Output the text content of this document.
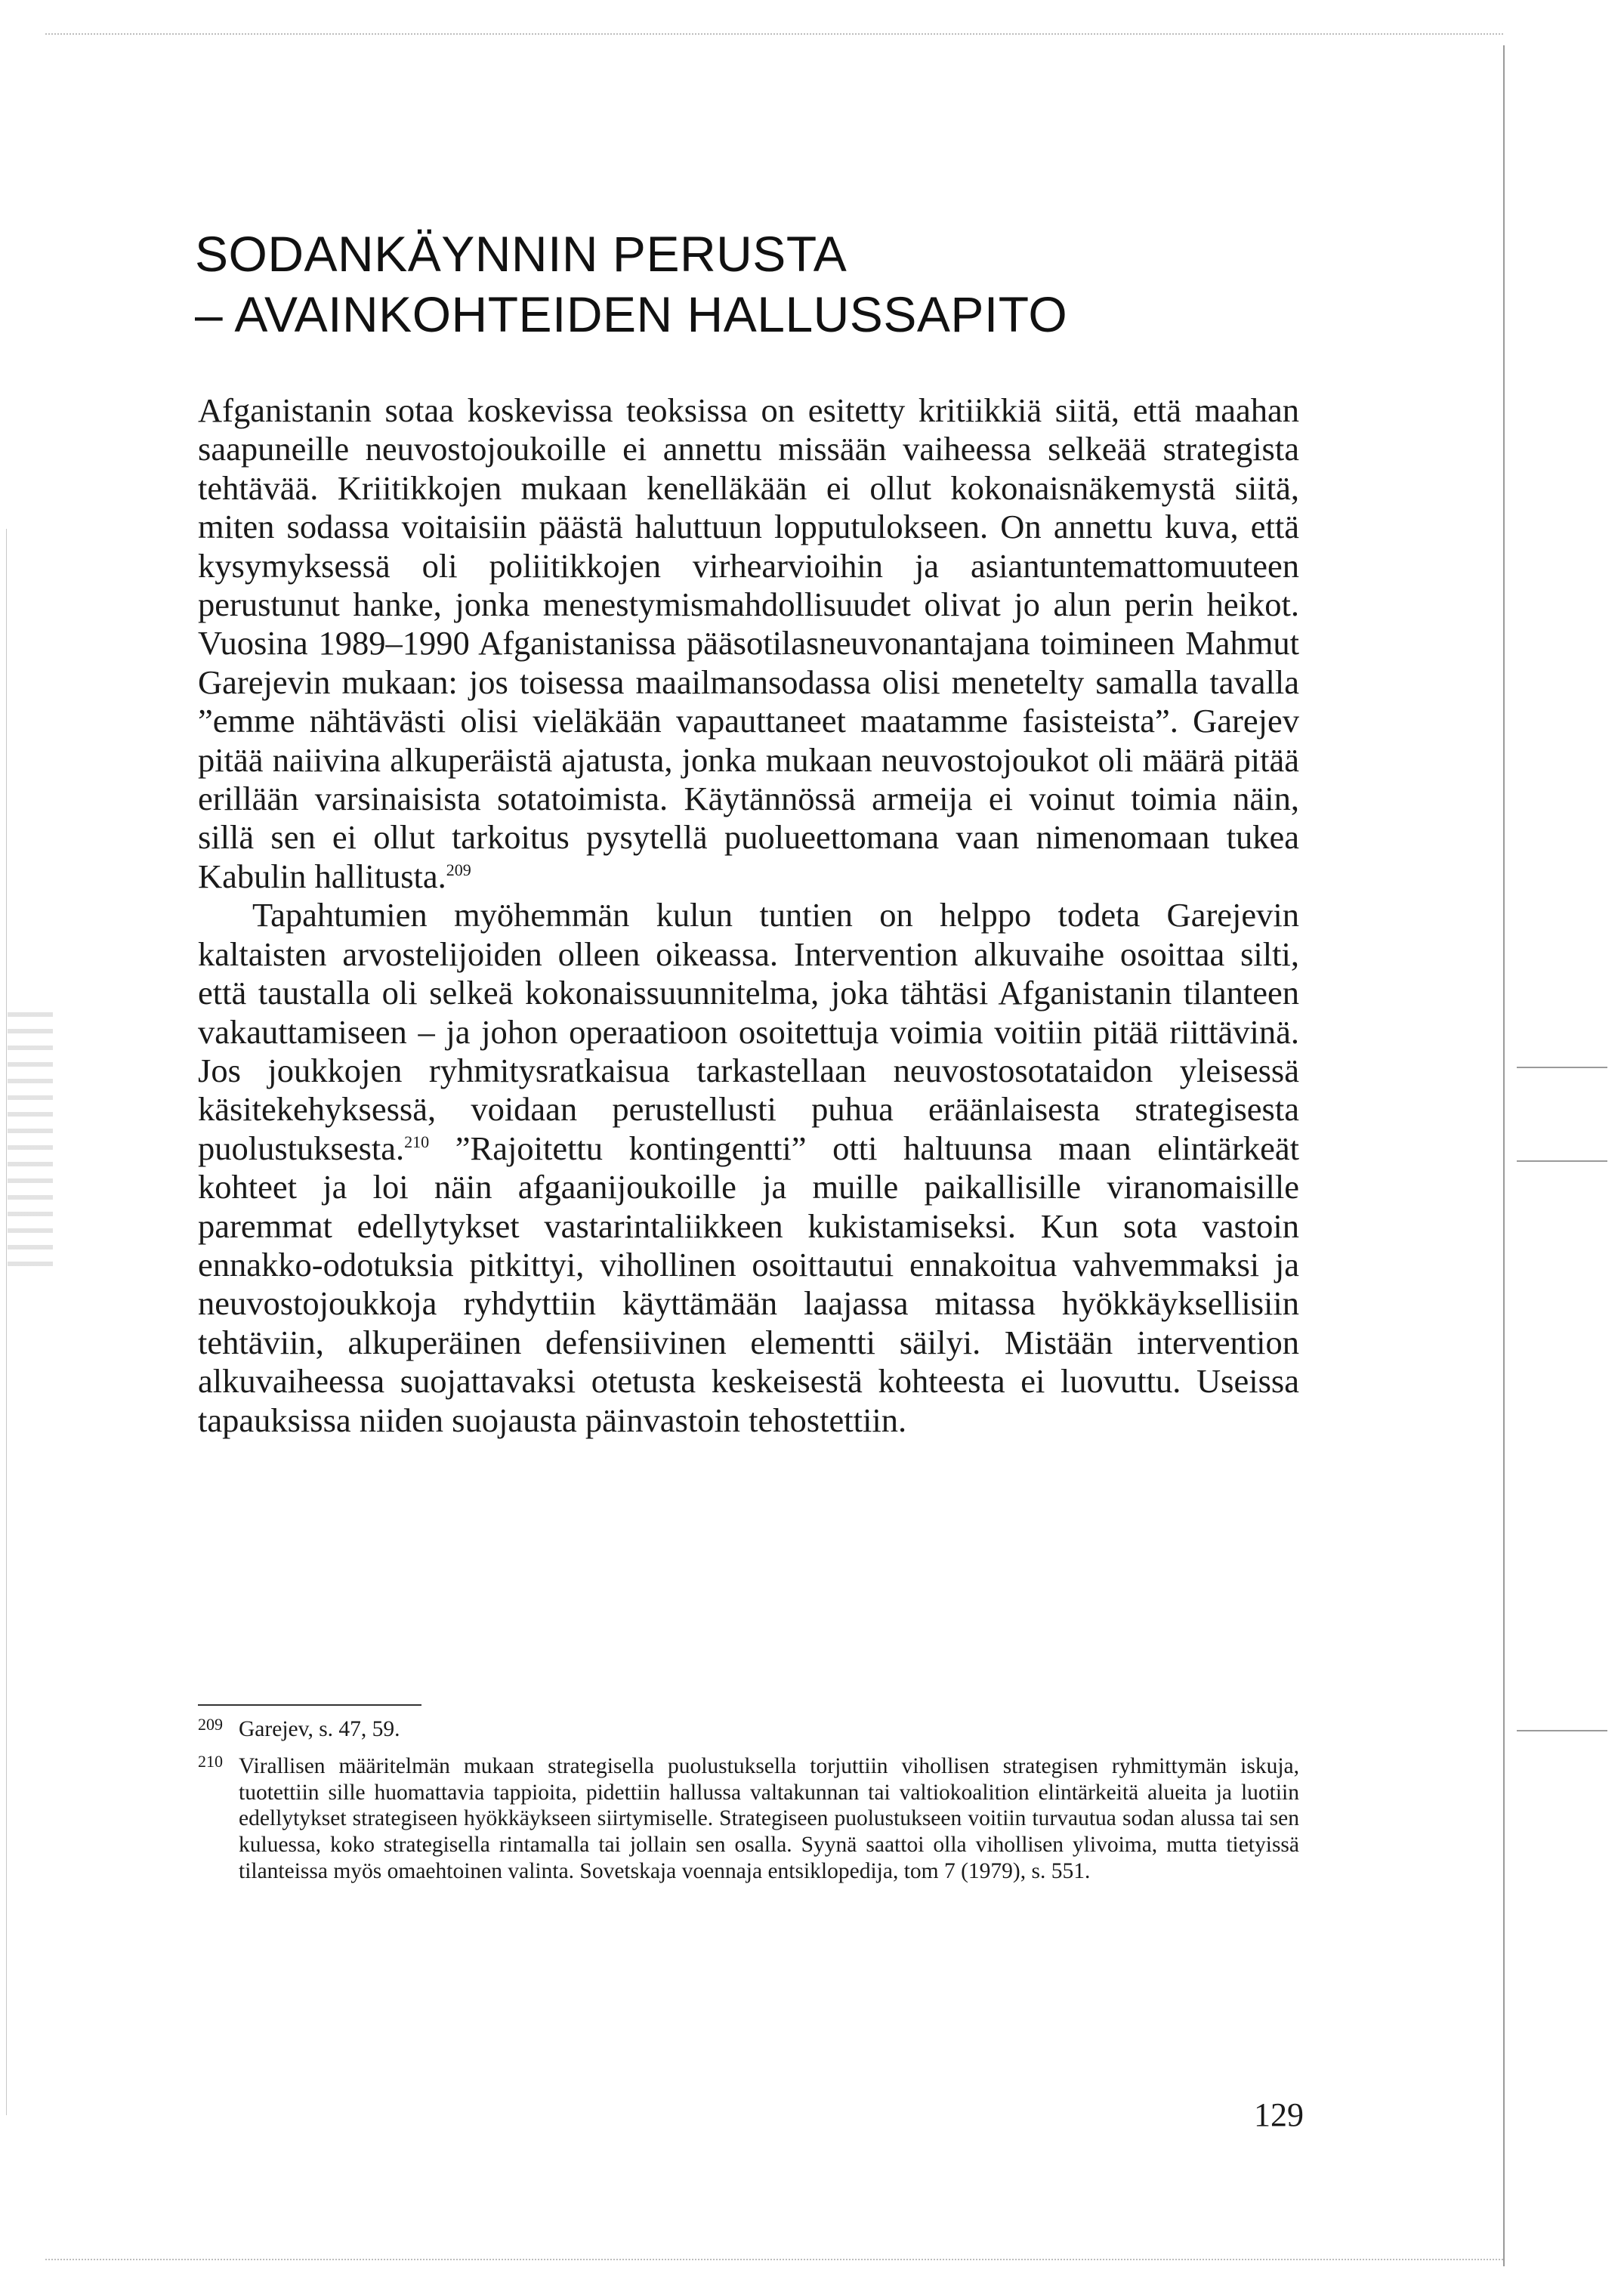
SODANKÄYNNIN PERUSTA
– AVAINKOHTEIDEN HALLUSSAPITO

Afganistanin sotaa koskevissa teoksissa on esitetty kritiikkiä siitä, että maahan saapuneille neuvostojoukoille ei annettu missään vaiheessa selkeää strategista tehtävää. Kriitikkojen mukaan kenelläkään ei ollut kokonaisnäkemystä siitä, miten sodassa voitaisiin päästä haluttuun lopputulokseen. On annettu kuva, että kysymyksessä oli poliitikkojen virhearvioihin ja asiantuntemattomuuteen perustunut hanke, jonka menestymismahdollisuudet olivat jo alun perin heikot. Vuosina 1989–1990 Afganistanissa pääsotilasneuvonantajana toimineen Mahmut Garejevin mukaan: jos toisessa maailmansodassa olisi menetelty samalla tavalla ”emme nähtävästi olisi vieläkään vapauttaneet maatamme fasisteista”. Garejev pitää naiivina alkuperäistä ajatusta, jonka mukaan neuvostojoukot oli määrä pitää erillään varsinaisista sotatoimista. Käytännössä armeija ei voinut toimia näin, sillä sen ei ollut tarkoitus pysytellä puolueettomana vaan nimenomaan tukea Kabulin hallitusta.$^{209}$

Tapahtumien myöhemmän kulun tuntien on helppo todeta Garejevin kaltaisten arvostelijoiden olleen oikeassa. Intervention alkuvaihe osoittaa silti, että taustalla oli selkeä kokonaissuunnitelma, joka tähtäsi Afganistanin tilanteen vakauttamiseen – ja johon operaatioon osoitettuja voimia voitiin pitää riittävinä. Jos joukkojen ryhmitysratkaisua tarkastellaan neuvostosotataidon yleisessä käsitekehyksessä, voidaan perustellusti puhua eräänlaisesta strategisesta puolustuksesta.$^{210}$ ”Rajoitettu kontingentti” otti haltuunsa maan elintärkeät kohteet ja loi näin afgaanijoukoille ja muille paikallisille viranomaisille paremmat edellytykset vastarintaliikkeen kukistamiseksi. Kun sota vastoin ennakko-odotuksia pitkittyi, vihollinen osoittautui ennakoitua vahvemmaksi ja neuvostojoukkoja ryhdyttiin käyttämään laajassa mitassa hyökkäyksellisiin tehtäviin, alkuperäinen defensiivinen elementti säilyi. Mistään intervention alkuvaiheessa suojattavaksi otetusta keskeisestä kohteesta ei luovuttu. Useissa tapauksissa niiden suojausta päinvastoin tehostettiin.

209 Garejev, s. 47, 59.
210 Virallisen määritelmän mukaan strategisella puolustuksella torjuttiin vihollisen strategisen ryhmittymän iskuja, tuotettiin sille huomattavia tappioita, pidettiin hallussa valtakunnan tai valtiokoalition elintärkeitä alueita ja luotiin edellytykset strategiseen hyökkäykseen siirtymiselle. Strategiseen puolustukseen voitiin turvautua sodan alussa tai sen kuluessa, koko strategisella rintamalla tai jollain sen osalla. Syynä saattoi olla vihollisen ylivoima, mutta tietyissä tilanteissa myös omaehtoinen valinta. Sovetskaja voennaja entsiklopedija, tom 7 (1979), s. 551.
129
